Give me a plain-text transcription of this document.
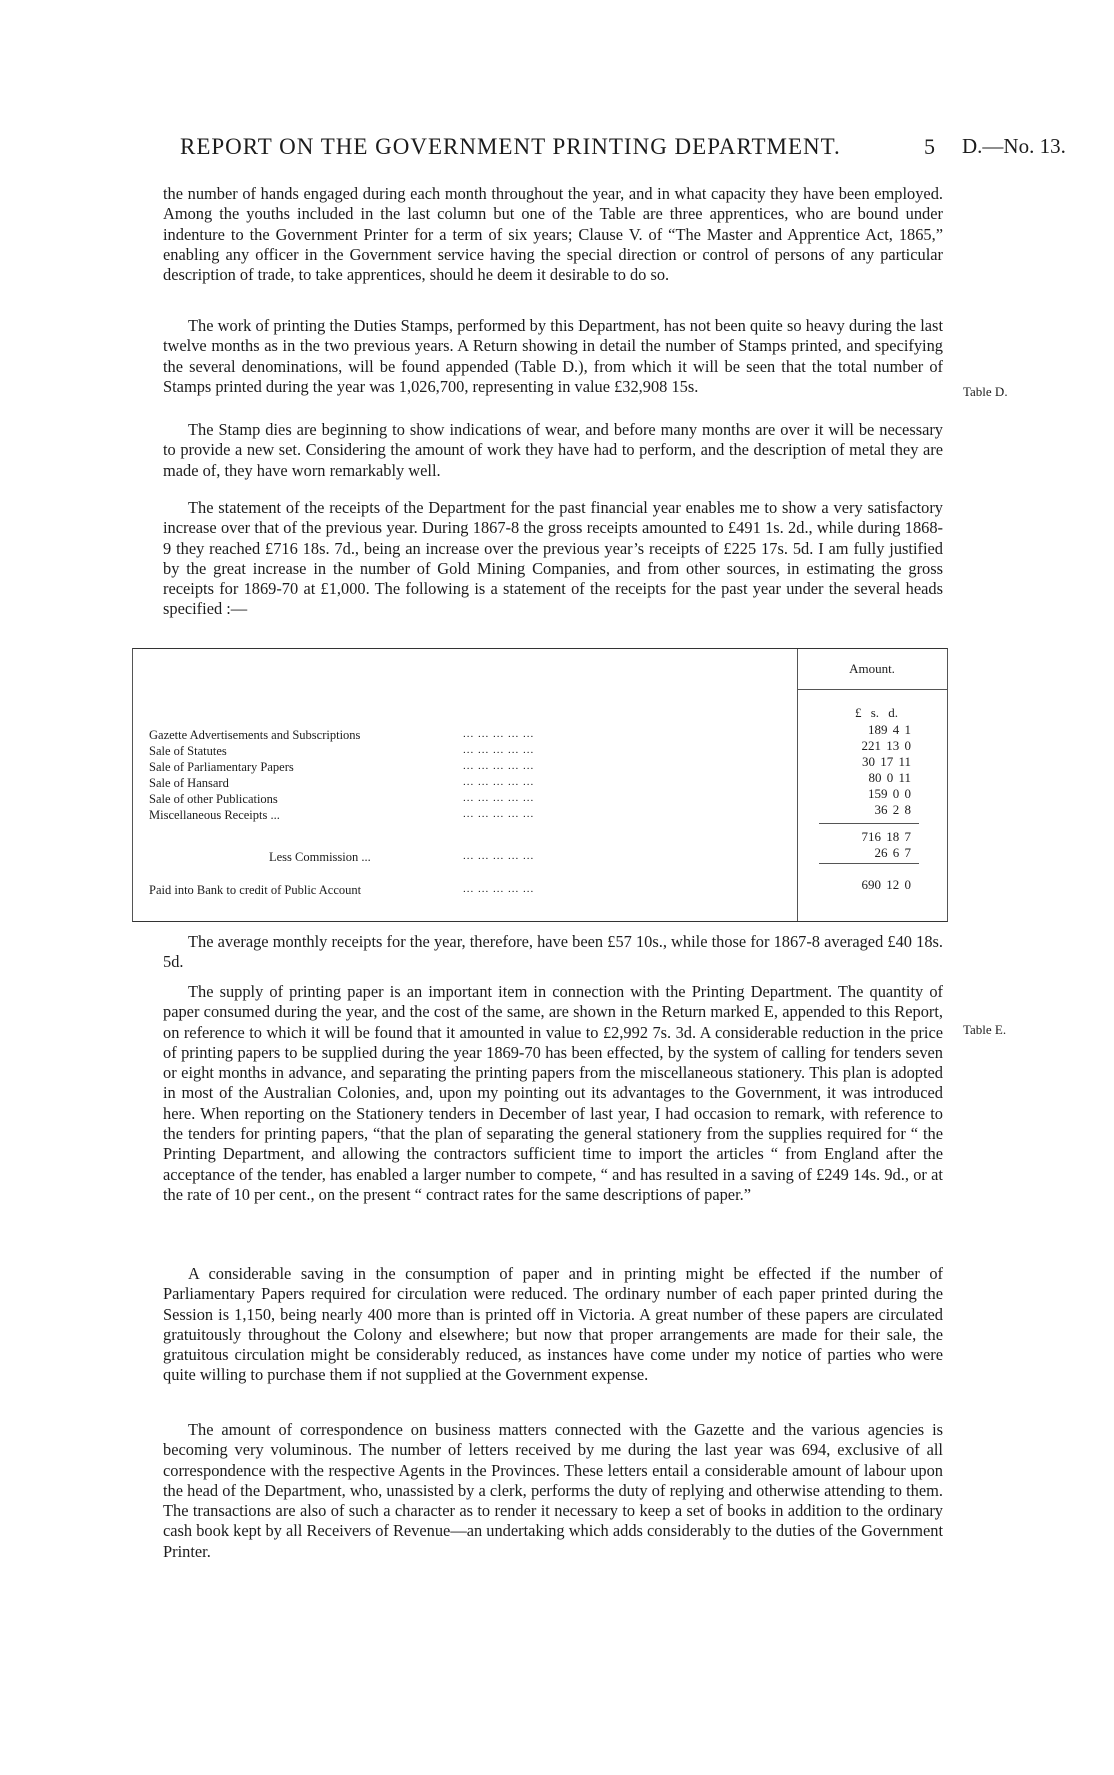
REPORT ON THE GOVERNMENT PRINTING DEPARTMENT.	5 D.—No. 13.

the number of hands engaged during each month throughout the year, and in what capacity they have been employed. Among the youths included in the last column but one of the Table are three apprentices, who are bound under indenture to the Government Printer for a term of six years; Clause V. of “The Master and Apprentice Act, 1865,” enabling any officer in the Government service having the special direction or control of persons of any particular description of trade, to take apprentices, should he deem it desirable to do so.

The work of printing the Duties Stamps, performed by this Department, has not been quite so heavy during the last twelve months as in the two previous years. A Return showing in detail the number of Stamps printed, and specifying the several denominations, will be found appended (Table D.), from which it will be seen that the total number of Stamps printed during the year was 1,026,700, representing in value £32,908 15s.	Table D.

The Stamp dies are beginning to show indications of wear, and before many months are over it will be necessary to provide a new set. Considering the amount of work they have had to perform, and the description of metal they are made of, they have worn remarkably well.

The statement of the receipts of the Department for the past financial year enables me to show a very satisfactory increase over that of the previous year. During 1867-8 the gross receipts amounted to £491 1s. 2d., while during 1868-9 they reached £716 18s. 7d., being an increase over the previous year’s receipts of £225 17s. 5d. I am fully justified by the great increase in the number of Gold Mining Companies, and from other sources, in estimating the gross receipts for 1869-70 at £1,000. The following is a statement of the receipts for the past year under the several heads specified :—

Amount.
£ s. d.
Gazette Advertisements and Subscriptions	... ... ... ... ...	189 4 1
Sale of Statutes	... ... ... ... ...	221 13 0
Sale of Parliamentary Papers	... ... ... ... ...	30 17 11
Sale of Hansard	... ... ... ... ...	80 0 11
Sale of other Publications	... ... ... ... ...	159 0 0
Miscellaneous Receipts ...	... ... ... ... ...	36 2 8
716 18 7
Less Commission ...	... ... ... ... ...	26 6 7
Paid into Bank to credit of Public Account	... ... ... ... ...	690 12 0

The average monthly receipts for the year, therefore, have been £57 10s., while those for 1867-8 averaged £40 18s. 5d.

The supply of printing paper is an important item in connection with the Printing Department. The quantity of paper consumed during the year, and the cost of the same, are shown in the Return marked E, appended to this Report, on reference to which it will be found that it amounted in value to £2,992 7s. 3d. A considerable reduction in the price of printing papers to be supplied during the year 1869-70 has been effected, by the system of calling for tenders seven or eight months in advance, and separating the printing papers from the miscellaneous stationery. This plan is adopted in most of the Australian Colonies, and, upon my pointing out its advantages to the Government, it was introduced here. When reporting on the Stationery tenders in December of last year, I had occasion to remark, with reference to the tenders for printing papers, “that the plan of separating the general stationery from the supplies required for “ the Printing Department, and allowing the contractors sufficient time to import the articles “ from England after the acceptance of the tender, has enabled a larger number to compete, “ and has resulted in a saving of £249 14s. 9d., or at the rate of 10 per cent., on the present “ contract rates for the same descriptions of paper.”

Table E.

A considerable saving in the consumption of paper and in printing might be effected if the number of Parliamentary Papers required for circulation were reduced. The ordinary number of each paper printed during the Session is 1,150, being nearly 400 more than is printed off in Victoria. A great number of these papers are circulated gratuitously throughout the Colony and elsewhere; but now that proper arrangements are made for their sale, the gratuitous circulation might be considerably reduced, as instances have come under my notice of parties who were quite willing to purchase them if not supplied at the Government expense.

The amount of correspondence on business matters connected with the Gazette and the various agencies is becoming very voluminous. The number of letters received by me during the last year was 694, exclusive of all correspondence with the respective Agents in the Provinces. These letters entail a considerable amount of labour upon the head of the Department, who, unassisted by a clerk, performs the duty of replying and otherwise attending to them. The transactions are also of such a character as to render it necessary to keep a set of books in addition to the ordinary cash book kept by all Receivers of Revenue—an undertaking which adds considerably to the duties of the Government Printer.
